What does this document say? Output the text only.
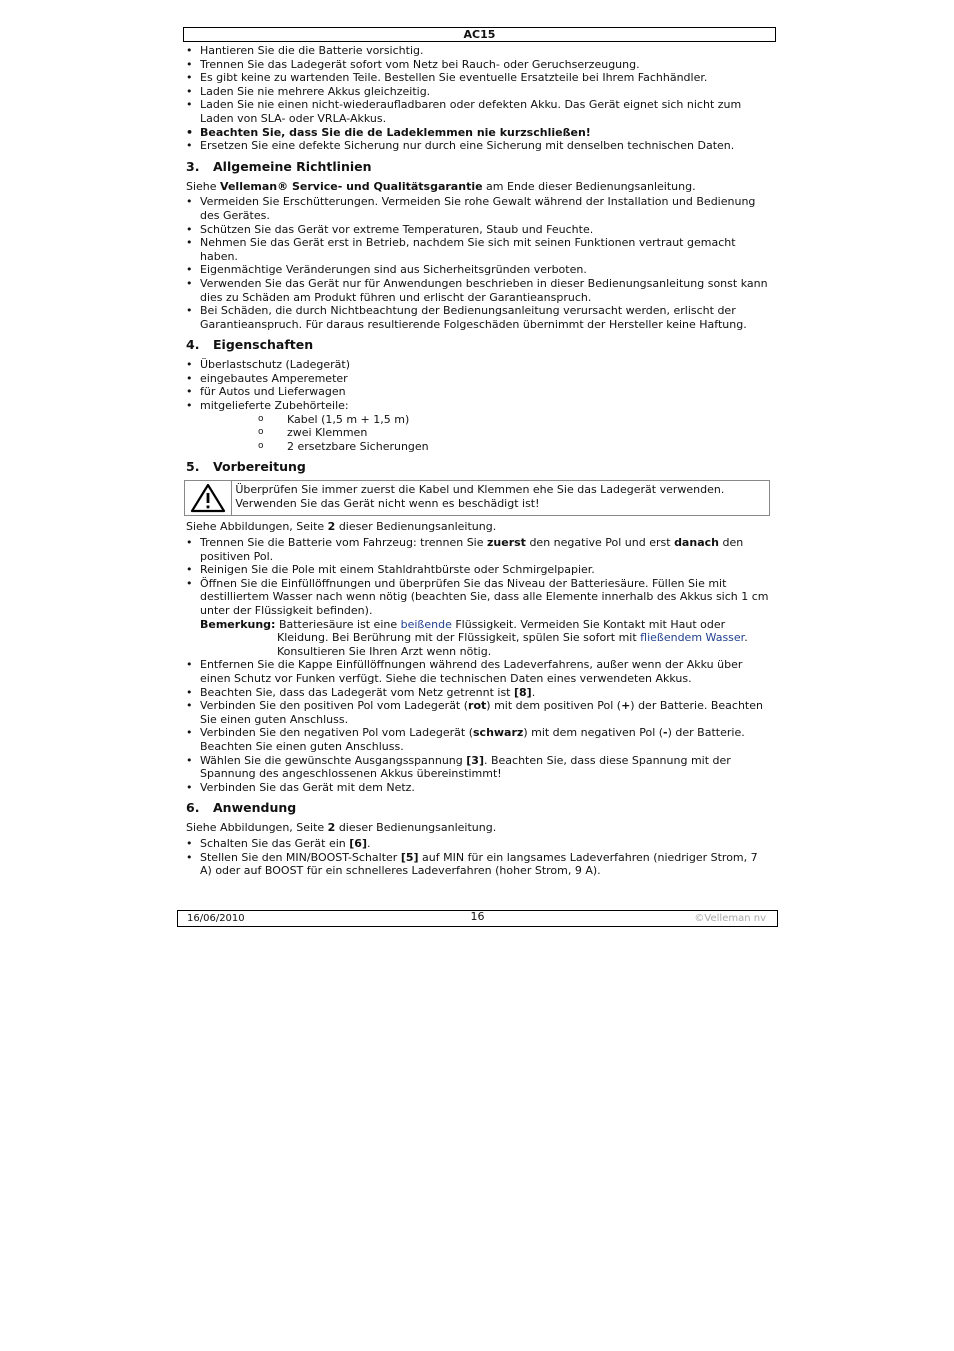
AC15
• Hantieren Sie die die Batterie vorsichtig.
• Trennen Sie das Ladegerät sofort vom Netz bei Rauch- oder Geruchserzeugung.
• Es gibt keine zu wartenden Teile. Bestellen Sie eventuelle Ersatzteile bei Ihrem Fachhändler.
• Laden Sie nie mehrere Akkus gleichzeitig.
• Laden Sie nie einen nicht-wiederaufladbaren oder defekten Akku. Das Gerät eignet sich nicht zum Laden von SLA- oder VRLA-Akkus.
• Beachten Sie, dass Sie die de Ladeklemmen nie kurzschließen!
• Ersetzen Sie eine defekte Sicherung nur durch eine Sicherung mit denselben technischen Daten.
3. Allgemeine Richtlinien

Siehe Velleman® Service- und Qualitätsgarantie am Ende dieser Bedienungsanleitung.

• Vermeiden Sie Erschütterungen. Vermeiden Sie rohe Gewalt während der Installation und Bedienung des Gerätes.
• Schützen Sie das Gerät vor extreme Temperaturen, Staub und Feuchte.
• Nehmen Sie das Gerät erst in Betrieb, nachdem Sie sich mit seinen Funktionen vertraut gemacht haben.
• Eigenmächtige Veränderungen sind aus Sicherheitsgründen verboten.
• Verwenden Sie das Gerät nur für Anwendungen beschrieben in dieser Bedienungsanleitung sonst kann dies zu Schäden am Produkt führen und erlischt der Garantieanspruch.
• Bei Schäden, die durch Nichtbeachtung der Bedienungsanleitung verursacht werden, erlischt der Garantieanspruch. Für daraus resultierende Folgeschäden übernimmt der Hersteller keine Haftung.
4. Eigenschaften
• Überlastschutz (Ladegerät)
• eingebautes Amperemeter
• für Autos und Lieferwagen
• mitgelieferte Zubehörteile:
o Kabel (1,5 m + 1,5 m)
o zwei Klemmen
o 2 ersetzbare Sicherungen
5. Vorbereitung
Überprüfen Sie immer zuerst die Kabel und Klemmen ehe Sie das Ladegerät verwenden. Verwenden Sie das Gerät nicht wenn es beschädigt ist!

Siehe Abbildungen, Seite 2 dieser Bedienungsanleitung.

• Trennen Sie die Batterie vom Fahrzeug: trennen Sie zuerst den negative Pol und erst danach den positiven Pol.
• Reinigen Sie die Pole mit einem Stahldrahtbürste oder Schmirgelpapier.
• Öffnen Sie die Einfüllöffnungen und überprüfen Sie das Niveau der Batteriesäure. Füllen Sie mit destilliertem Wasser nach wenn nötig (beachten Sie, dass alle Elemente innerhalb des Akkus sich 1 cm unter der Flüssigkeit befinden).
Bemerkung: Batteriesäure ist eine beißende Flüssigkeit. Vermeiden Sie Kontakt mit Haut oder
Kleidung. Bei Berührung mit der Flüssigkeit, spülen Sie sofort mit fließendem Wasser.
Konsultieren Sie Ihren Arzt wenn nötig.
• Entfernen Sie die Kappe Einfüllöffnungen während des Ladeverfahrens, außer wenn der Akku über einen Schutz vor Funken verfügt. Siehe die technischen Daten eines verwendeten Akkus.
• Beachten Sie, dass das Ladegerät vom Netz getrennt ist [8].
• Verbinden Sie den positiven Pol vom Ladegerät (rot) mit dem positiven Pol (+) der Batterie. Beachten Sie einen guten Anschluss.
• Verbinden Sie den negativen Pol vom Ladegerät (schwarz) mit dem negativen Pol (-) der Batterie. Beachten Sie einen guten Anschluss.
• Wählen Sie die gewünschte Ausgangsspannung [3]. Beachten Sie, dass diese Spannung mit der Spannung des angeschlossenen Akkus übereinstimmt!
• Verbinden Sie das Gerät mit dem Netz.
6. Anwendung

Siehe Abbildungen, Seite 2 dieser Bedienungsanleitung.

• Schalten Sie das Gerät ein [6].
• Stellen Sie den MIN/BOOST-Schalter [5] auf MIN für ein langsames Ladeverfahren (niedriger Strom, 7 A) oder auf BOOST für ein schnelleres Ladeverfahren (hoher Strom, 9 A).
16/06/2010	16	©Velleman nv
